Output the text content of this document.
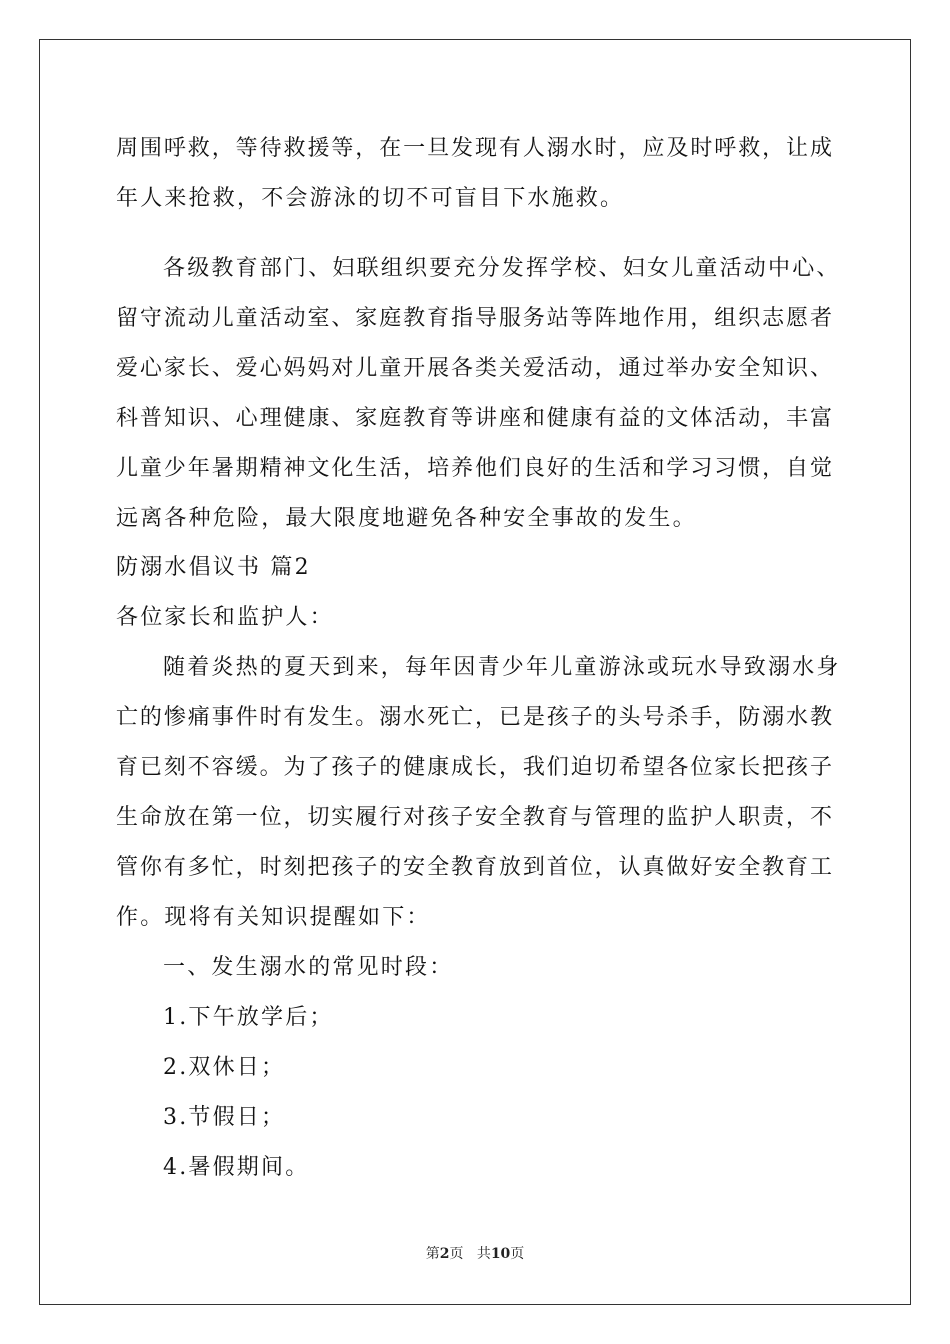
周围呼救，等待救援等，在一旦发现有人溺水时，应及时呼救，让成
年人来抢救，不会游泳的切不可盲目下水施救。
各级教育部门、妇联组织要充分发挥学校、妇女儿童活动中心、
留守流动儿童活动室、家庭教育指导服务站等阵地作用，组织志愿者
爱心家长、爱心妈妈对儿童开展各类关爱活动，通过举办安全知识、
科普知识、心理健康、家庭教育等讲座和健康有益的文体活动，丰富
儿童少年暑期精神文化生活，培养他们良好的生活和学习习惯，自觉
远离各种危险，最大限度地避免各种安全事故的发生。
防溺水倡议书 篇2
各位家长和监护人：
随着炎热的夏天到来，每年因青少年儿童游泳或玩水导致溺水身
亡的惨痛事件时有发生。溺水死亡，已是孩子的头号杀手，防溺水教
育已刻不容缓。为了孩子的健康成长，我们迫切希望各位家长把孩子
生命放在第一位，切实履行对孩子安全教育与管理的监护人职责，不
管你有多忙，时刻把孩子的安全教育放到首位，认真做好安全教育工
作。现将有关知识提醒如下：
一、发生溺水的常见时段：
1.下午放学后；
2.双休日；
3.节假日；
4.暑假期间。
第2页 共10页
